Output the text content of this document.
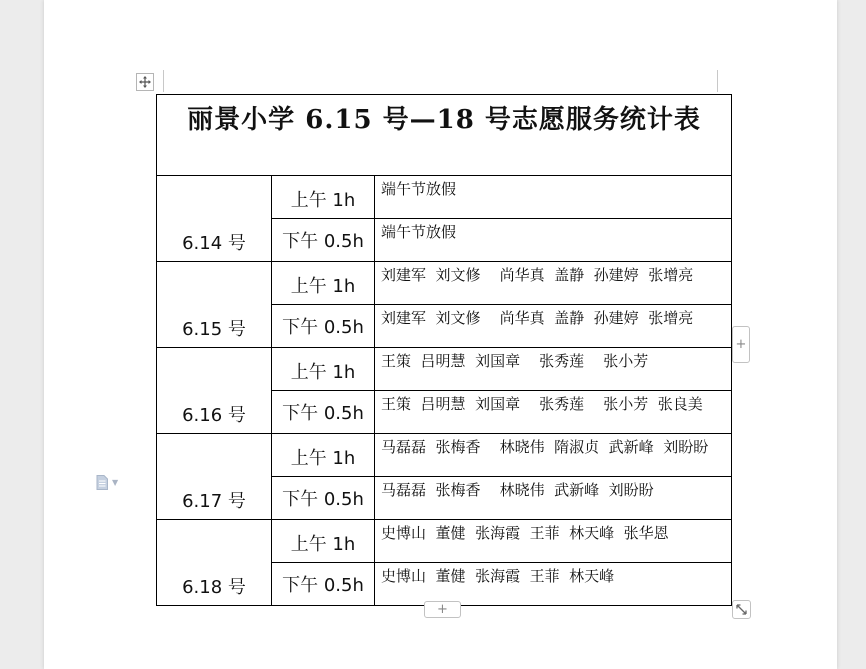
丽景小学 6.15 号—18 号志愿服务统计表		
6.14 号	上午 1h	端午节放假
	下午 0.5h	端午节放假
6.15 号	上午 1h	刘建军  刘文修    尚华真  盖静  孙建婷  张增亮
	下午 0.5h	刘建军  刘文修    尚华真  盖静  孙建婷  张增亮
6.16 号	上午 1h	王策  吕明慧  刘国章    张秀莲    张小芳
	下午 0.5h	王策  吕明慧  刘国章    张秀莲    张小芳  张良美
6.17 号	上午 1h	马磊磊  张梅香    林晓伟  隋淑贞  武新峰  刘盼盼
	下午 0.5h	马磊磊  张梅香    林晓伟  武新峰  刘盼盼
6.18 号	上午 1h	史博山  董健  张海霞  王菲  林天峰  张华恩
	下午 0.5h	史博山  董健  张海霞  王菲  林天峰
+
+
▼
